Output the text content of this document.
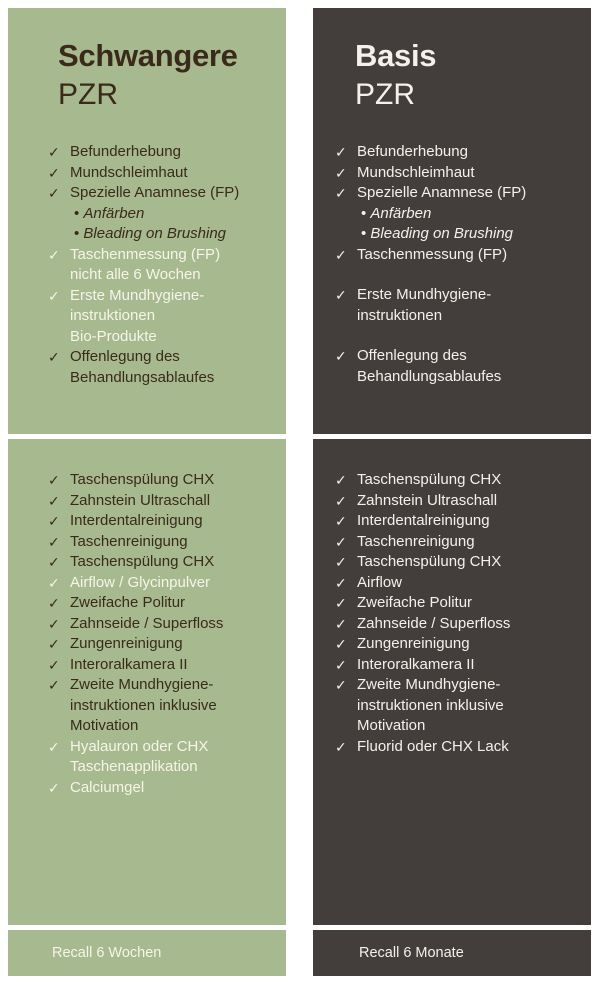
Schwangere
PZR
✓ Befunderhebung
✓ Mundschleimhaut
✓ Spezielle Anamnese (FP)
• Anfärben
• Bleading on Brushing
✓ Taschenmessung (FP)
nicht alle 6 Wochen
✓ Erste Mundhygiene-
instruktionen
Bio-Produkte
✓ Offenlegung des
Behandlungsablaufes
✓ Taschenspülung CHX
✓ Zahnstein Ultraschall
✓ Interdentalreinigung
✓ Taschenreinigung
✓ Taschenspülung CHX
✓ Airflow / Glycinpulver
✓ Zweifache Politur
✓ Zahnseide / Superfloss
✓ Zungenreinigung
✓ Interoralkamera II
✓ Zweite Mundhygiene-
instruktionen inklusive
Motivation
✓ Hyalauron oder CHX
Taschenapplikation
✓ Calciumgel
Recall 6 Wochen
Basis
PZR
✓ Befunderhebung
✓ Mundschleimhaut
✓ Spezielle Anamnese (FP)
• Anfärben
• Bleading on Brushing
✓ Taschenmessung (FP)
✓ Erste Mundhygiene-
instruktionen
✓ Offenlegung des
Behandlungsablaufes
✓ Taschenspülung CHX
✓ Zahnstein Ultraschall
✓ Interdentalreinigung
✓ Taschenreinigung
✓ Taschenspülung CHX
✓ Airflow
✓ Zweifache Politur
✓ Zahnseide / Superfloss
✓ Zungenreinigung
✓ Interoralkamera II
✓ Zweite Mundhygiene-
instruktionen inklusive
Motivation
✓ Fluorid oder CHX Lack
Recall 6 Monate
